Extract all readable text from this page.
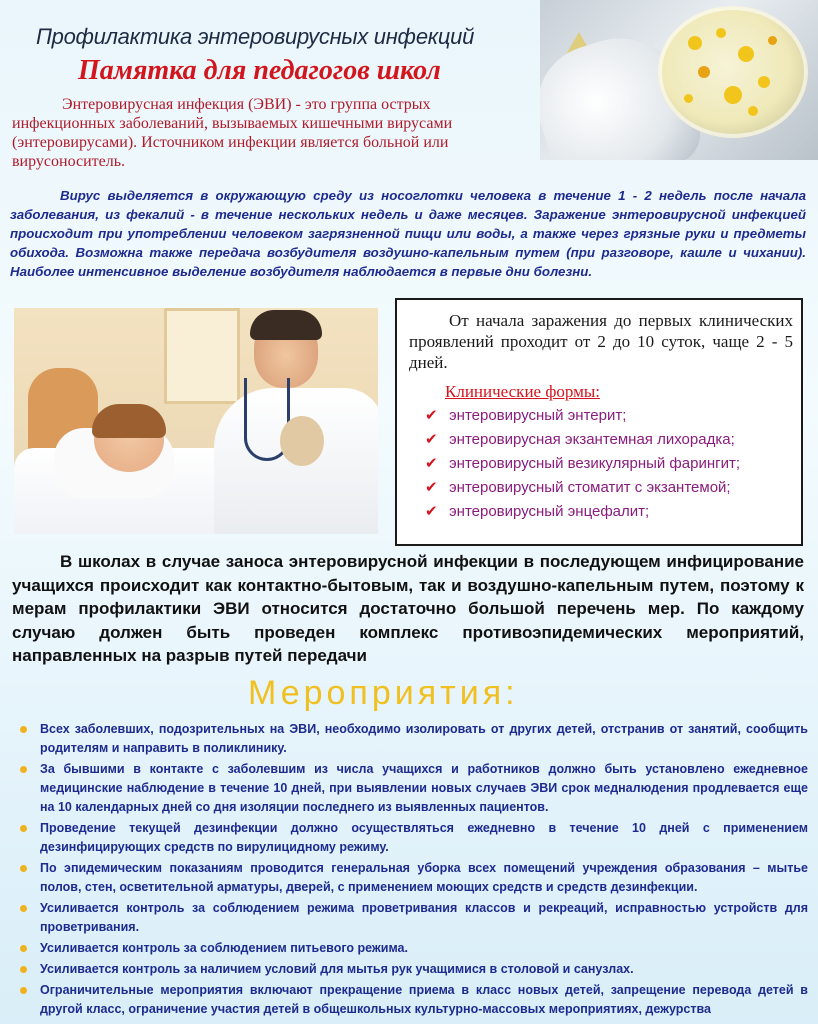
Профилактика энтеровирусных инфекций
Памятка для педагогов школ
Энтеровирусная инфекция (ЭВИ) - это группа острых инфекционных заболеваний, вызываемых кишечными вирусами (энтеровирусами). Источником инфекции является больной или вирусоноситель.
Вирус выделяется в окружающую среду из носоглотки человека в течение 1 - 2 недель после начала заболевания, из фекалий - в течение нескольких недель и даже месяцев. Заражение энтеровирусной инфекцией происходит при употреблении человеком загрязненной пищи или воды, а также через грязные руки и предметы обихода. Возможна также передача возбудителя воздушно-капельным путем (при разговоре, кашле и чихании). Наиболее интенсивное выделение возбудителя наблюдается в первые дни болезни.
От начала заражения до первых клинических проявлений проходит от 2 до 10 суток, чаще 2 - 5 дней.
Клинические формы:
✔ энтеровирусный энтерит;
✔ энтеровирусная экзантемная лихорадка;
✔ энтеровирусный везикулярный фарингит;
✔ энтеровирусный стоматит с экзантемой;
✔ энтеровирусный энцефалит;
В школах в случае заноса энтеровирусной инфекции в последующем инфицирование учащихся происходит как контактно-бытовым, так и воздушно-капельным путем, поэтому к мерам профилактики ЭВИ относится достаточно большой перечень мер. По каждому случаю должен быть проведен комплекс противоэпидемических мероприятий, направленных на разрыв путей передачи
Мероприятия:
Всех заболевших, подозрительных на ЭВИ, необходимо изолировать от других детей, отстранив от занятий, сообщить родителям и направить в поликлинику.
За бывшими в контакте с заболевшим из числа учащихся и работников должно быть установлено ежедневное медицинские наблюдение в течение 10 дней, при выявлении новых случаев ЭВИ срок медналюдения продлевается еще на 10 календарных дней со дня изоляции последнего из выявленных пациентов.
Проведение текущей дезинфекции должно осуществляться ежедневно в течение 10 дней с применением дезинфицирующих средств по вирулицидному режиму.
По эпидемическим показаниям проводится генеральная уборка всех помещений учреждения образования – мытье полов, стен, осветительной арматуры, дверей, с применением моющих средств и средств дезинфекции.
Усиливается контроль за соблюдением режима проветривания классов и рекреаций, исправностью устройств для проветривания.
Усиливается контроль за соблюдением питьевого режима.
Усиливается контроль за наличием условий для мытья рук учащимися в столовой и санузлах.
Ограничительные мероприятия включают прекращение приема в класс новых детей, запрещение перевода детей в другой класс, ограничение участия детей в общешкольных культурно-массовых мероприятиях, дежурства
